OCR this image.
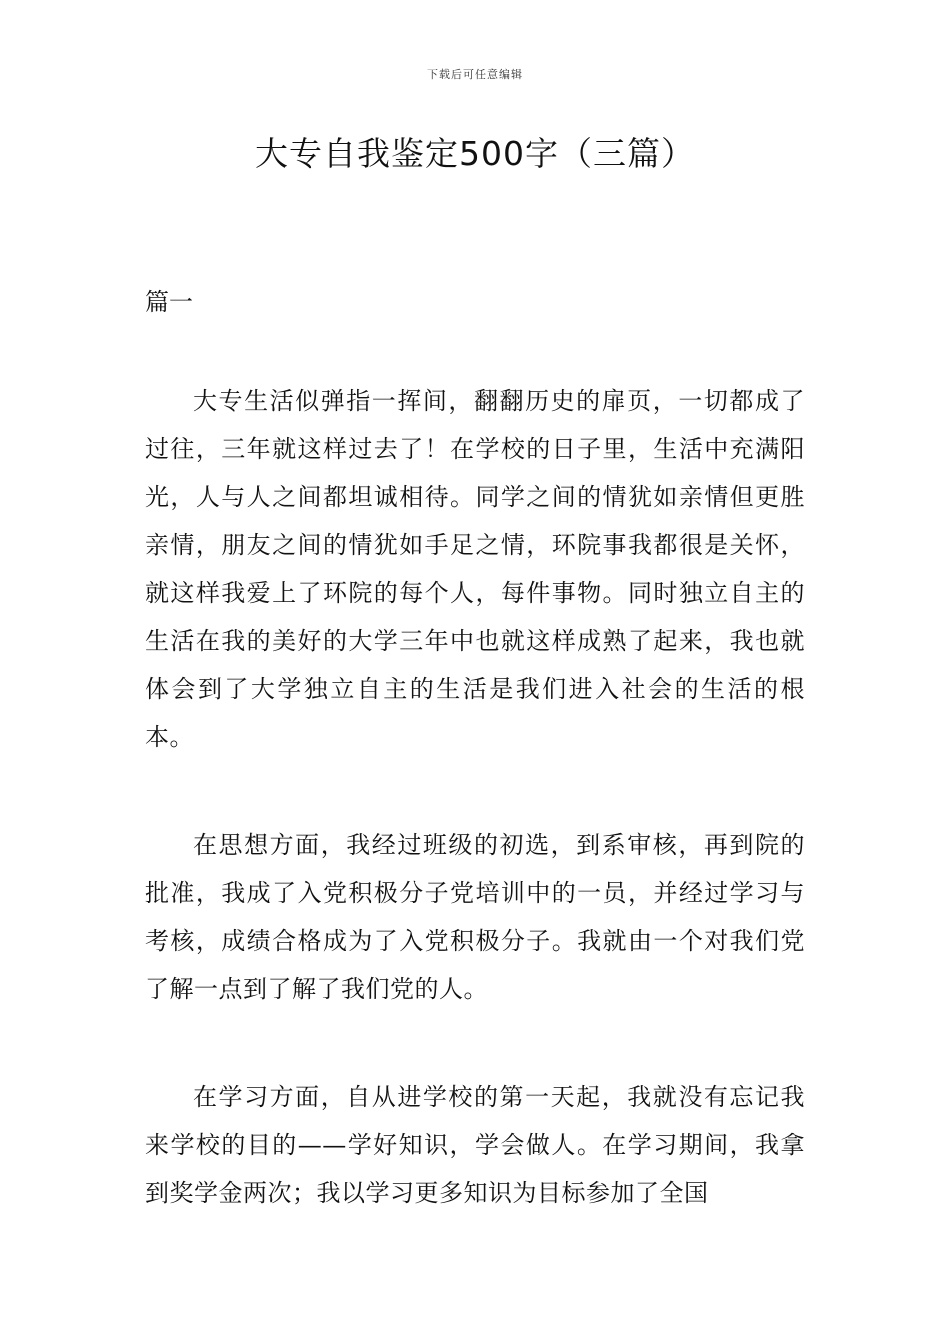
下载后可任意编辑
大专自我鉴定500字（三篇）

篇一

大专生活似弹指一挥间，翻翻历史的扉页，一切都成了过往，三年就这样过去了！在学校的日子里，生活中充满阳光，人与人之间都坦诚相待。同学之间的情犹如亲情但更胜亲情，朋友之间的情犹如手足之情，环院事我都很是关怀，就这样我爱上了环院的每个人，每件事物。同时独立自主的生活在我的美好的大学三年中也就这样成熟了起来，我也就体会到了大学独立自主的生活是我们进入社会的生活的根本。

在思想方面，我经过班级的初选，到系审核，再到院的批准，我成了入党积极分子党培训中的一员，并经过学习与考核，成绩合格成为了入党积极分子。我就由一个对我们党了解一点到了解了我们党的人。

在学习方面，自从进学校的第一天起，我就没有忘记我来学校的目的——学好知识，学会做人。在学习期间，我拿到奖学金两次；我以学习更多知识为目标参加了全国
